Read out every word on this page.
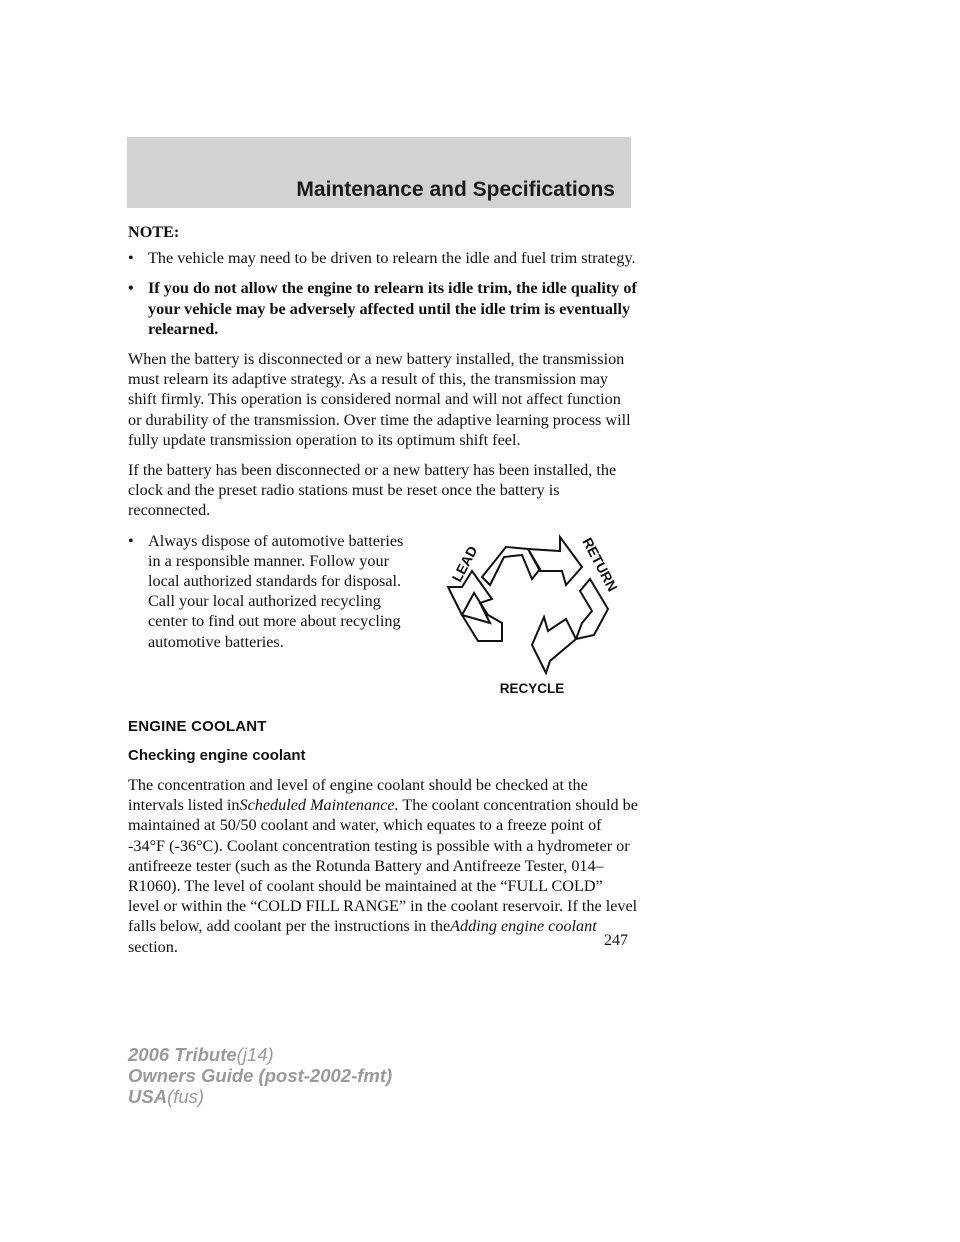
Maintenance and Specifications

NOTE:

• The vehicle may need to be driven to relearn the idle and fuel trim strategy.
• If you do not allow the engine to relearn its idle trim, the idle quality of your vehicle may be adversely affected until the idle trim is eventually relearned.

When the battery is disconnected or a new battery installed, the transmission must relearn its adaptive strategy. As a result of this, the transmission may shift firmly. This operation is considered normal and will not affect function or durability of the transmission. Over time the adaptive learning process will fully update transmission operation to its optimum shift feel.

If the battery has been disconnected or a new battery has been installed, the clock and the preset radio stations must be reset once the battery is reconnected.

• Always dispose of automotive batteries in a responsible manner. Follow your local authorized standards for disposal. Call your local authorized recycling center to find out more about recycling automotive batteries.
LEAD	RETURN
RECYCLE
ENGINE COOLANT
Checking engine coolant

The concentration and level of engine coolant should be checked at the intervals listed inScheduled Maintenance. The coolant concentration should be maintained at 50/50 coolant and water, which equates to a freeze point of -34°F (-36°C). Coolant concentration testing is possible with a hydrometer or antifreeze tester (such as the Rotunda Battery and Antifreeze Tester, 014–R1060). The level of coolant should be maintained at the “FULL COLD” level or within the “COLD FILL RANGE” in the coolant reservoir. If the level falls below, add coolant per the instructions in theAdding engine coolant section.	247
2006 Tribute(j14)
Owners Guide (post-2002-fmt)
USA(fus)
